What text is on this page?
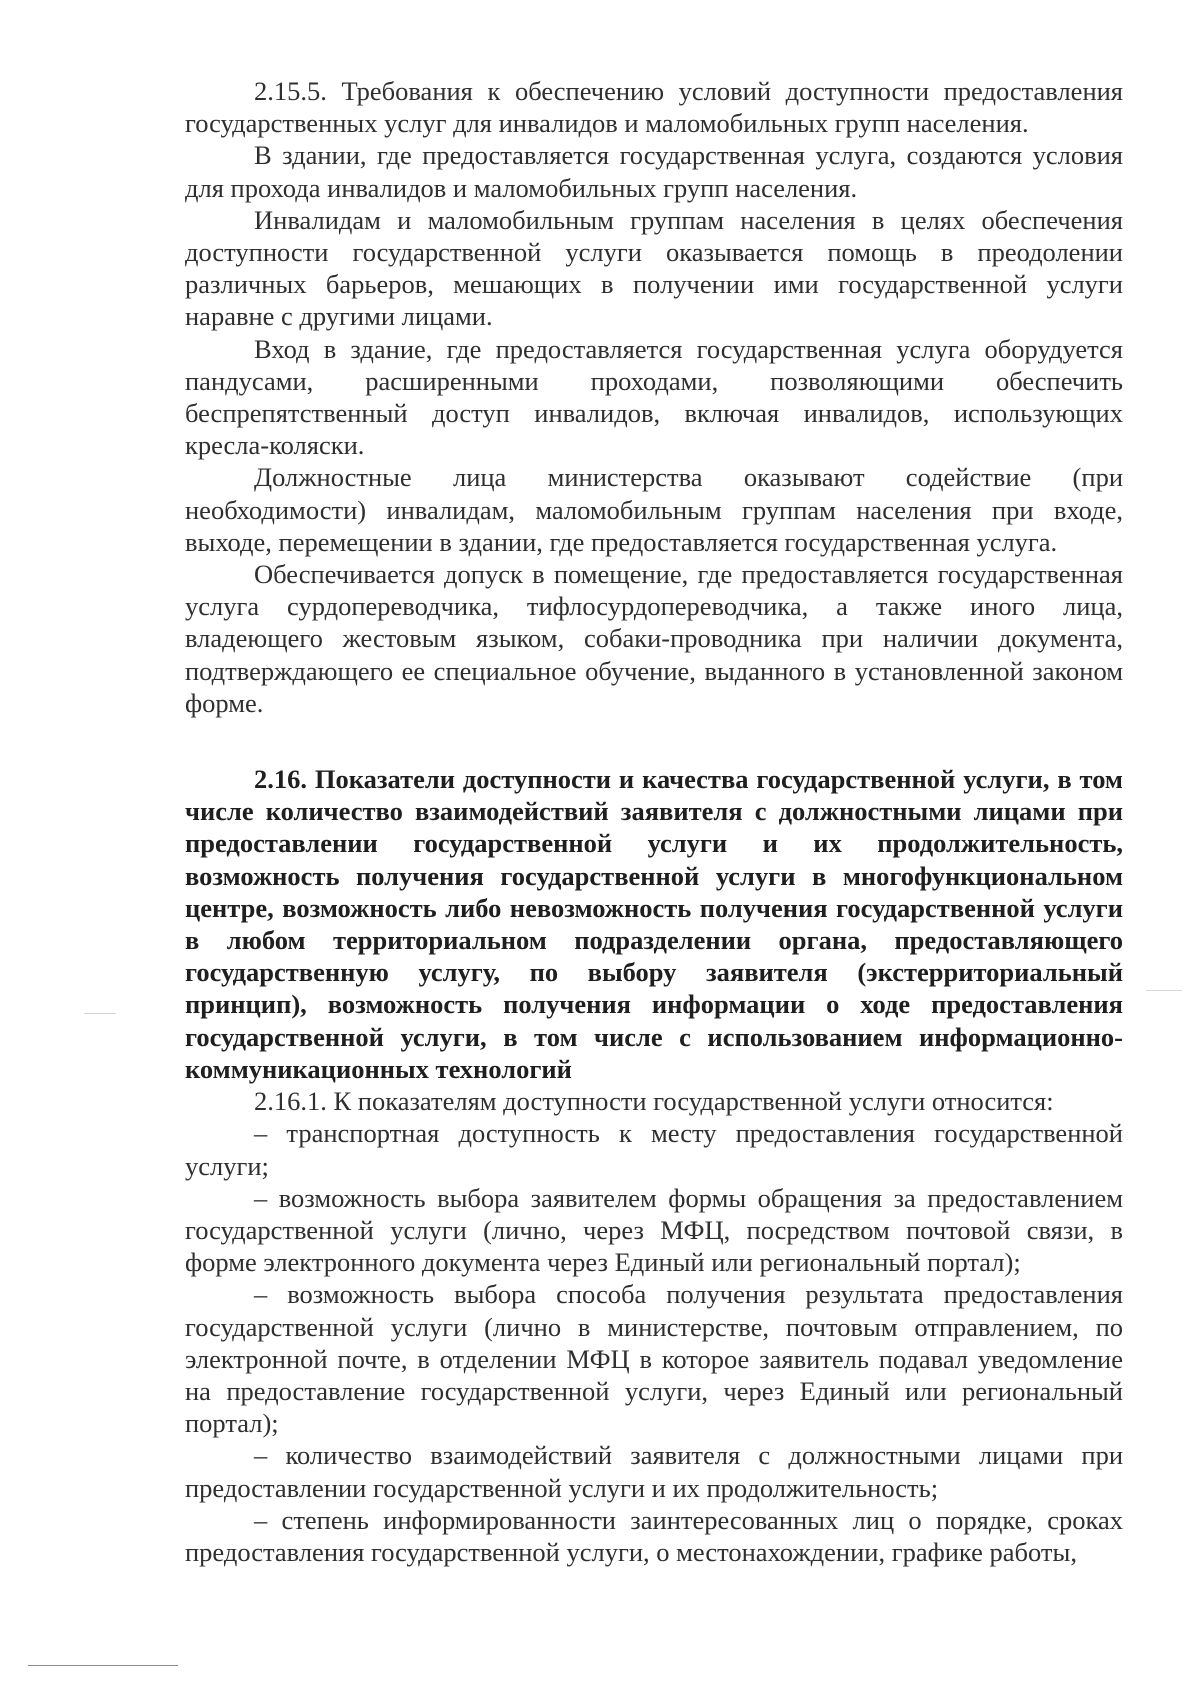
2.15.5. Требования к обеспечению условий доступности предоставления государственных услуг для инвалидов и маломобильных групп населения.

В здании, где предоставляется государственная услуга, создаются условия для прохода инвалидов и маломобильных групп населения.

Инвалидам и маломобильным группам населения в целях обеспечения доступности государственной услуги оказывается помощь в преодолении различных барьеров, мешающих в получении ими государственной услуги наравне с другими лицами.

Вход в здание, где предоставляется государственная услуга оборудуется пандусами, расширенными проходами, позволяющими обеспечить беспрепятственный доступ инвалидов, включая инвалидов, использующих кресла-коляски.

Должностные лица министерства оказывают содействие (при необходимости) инвалидам, маломобильным группам населения при входе, выходе, перемещении в здании, где предоставляется государственная услуга.

Обеспечивается допуск в помещение, где предоставляется государственная услуга сурдопереводчика, тифлосурдопереводчика, а также иного лица, владеющего жестовым языком, собаки-проводника при наличии документа, подтверждающего ее специальное обучение, выданного в установленной законом форме.

2.16. Показатели доступности и качества государственной услуги, в том числе количество взаимодействий заявителя с должностными лицами при предоставлении государственной услуги и их продолжительность, возможность получения государственной услуги в многофункциональном центре, возможность либо невозможность получения государственной услуги в любом территориальном подразделении органа, предоставляющего государственную услугу, по выбору заявителя (экстерриториальный принцип), возможность получения информации о ходе предоставления государственной услуги, в том числе с использованием информационно-коммуникационных технологий

2.16.1. К показателям доступности государственной услуги относится:

– транспортная доступность к месту предоставления государственной услуги;

– возможность выбора заявителем формы обращения за предоставлением государственной услуги (лично, через МФЦ, посредством почтовой связи, в форме электронного документа через Единый или региональный портал);

– возможность выбора способа получения результата предоставления государственной услуги (лично в министерстве, почтовым отправлением, по электронной почте, в отделении МФЦ в которое заявитель подавал уведомление на предоставление государственной услуги, через Единый или региональный портал);

– количество взаимодействий заявителя с должностными лицами при предоставлении государственной услуги и их продолжительность;

– степень информированности заинтересованных лиц о порядке, сроках предоставления государственной услуги, о местонахождении, графике работы,
